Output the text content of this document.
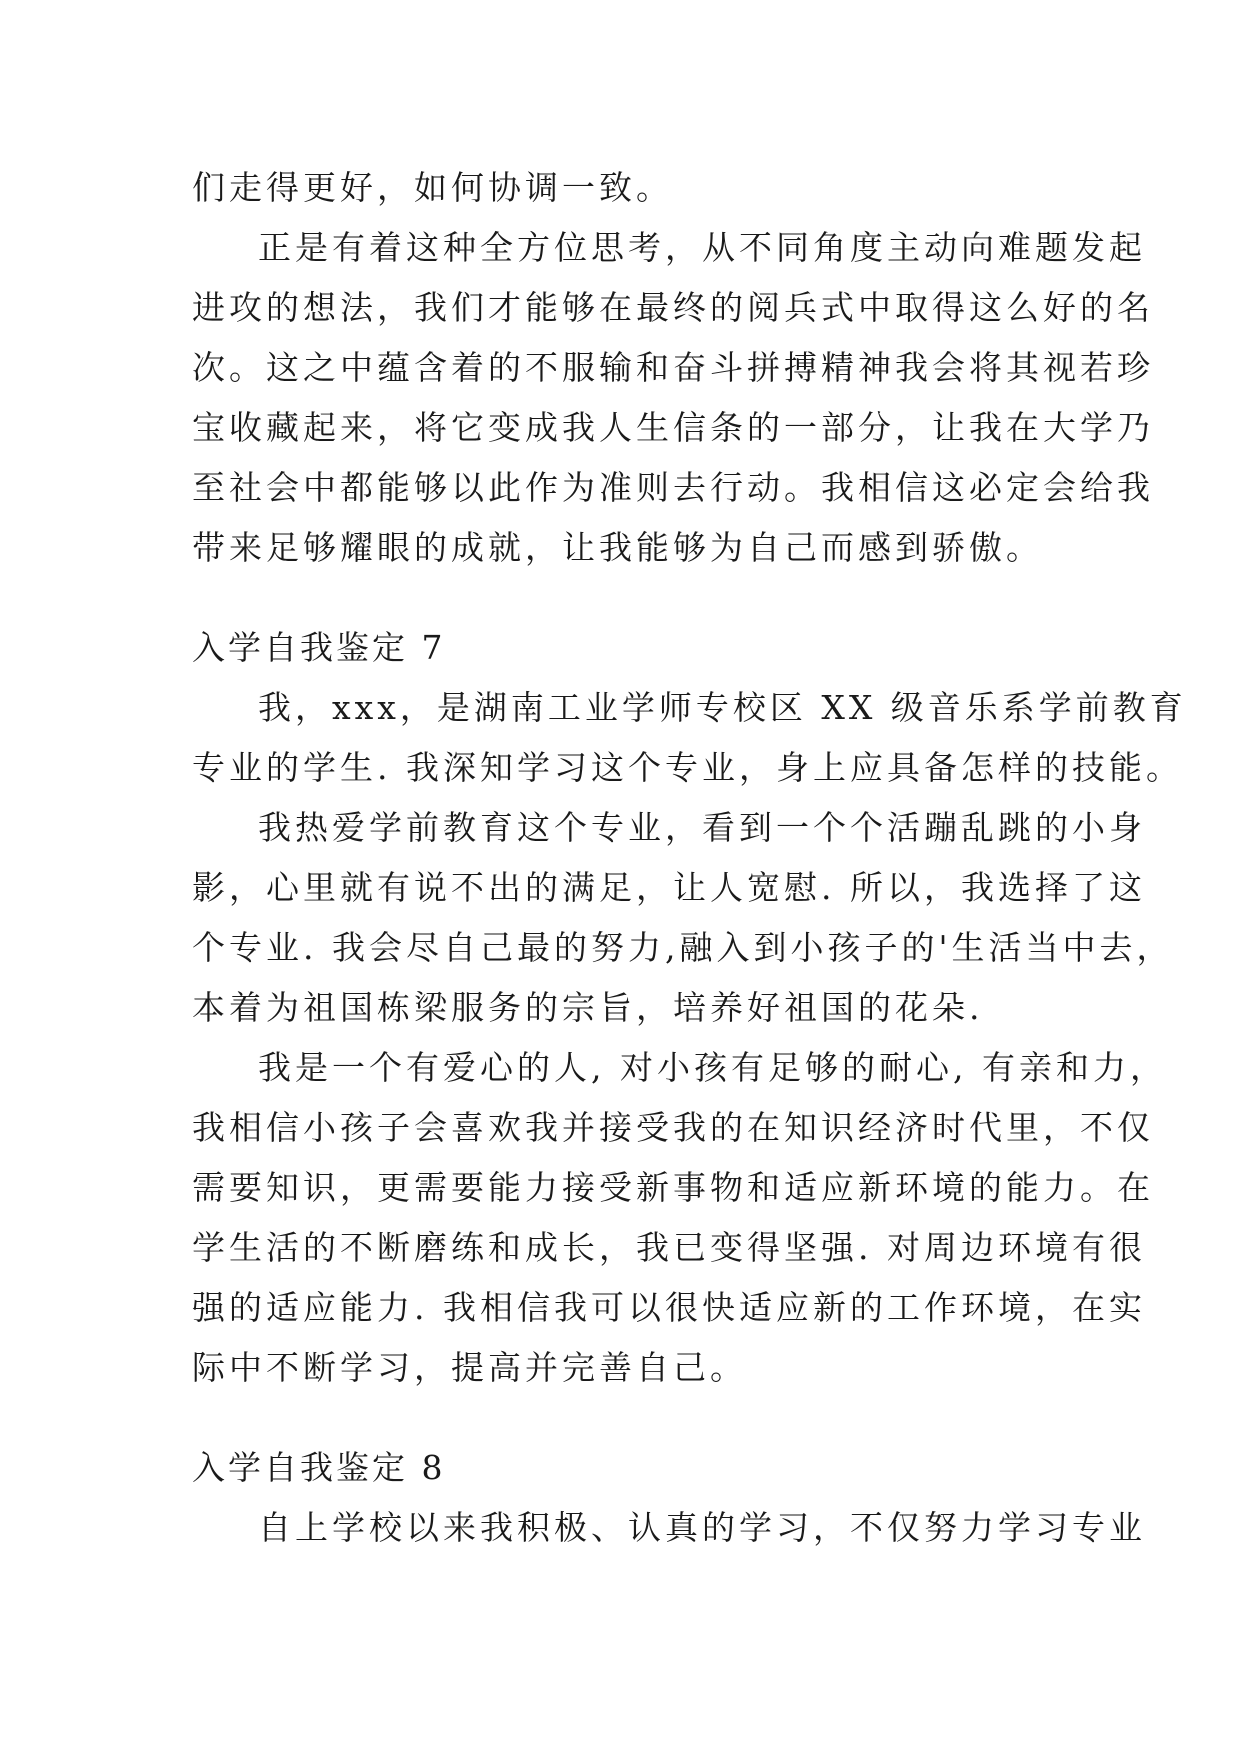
们走得更好，如何协调一致。
正是有着这种全方位思考，从不同角度主动向难题发起
进攻的想法，我们才能够在最终的阅兵式中取得这么好的名
次。这之中蕴含着的不服输和奋斗拼搏精神我会将其视若珍
宝收藏起来，将它变成我人生信条的一部分，让我在大学乃
至社会中都能够以此作为准则去行动。我相信这必定会给我
带来足够耀眼的成就，让我能够为自己而感到骄傲。
入学自我鉴定 7
我，xxx，是湖南工业学师专校区 XX 级音乐系学前教育
专业的学生. 我深知学习这个专业，身上应具备怎样的技能。
我热爱学前教育这个专业，看到一个个活蹦乱跳的小身
影，心里就有说不出的满足，让人宽慰. 所以，我选择了这
个专业. 我会尽自己最的努力,融入到小孩子的'生活当中去，
本着为祖国栋梁服务的宗旨，培养好祖国的花朵.
我是一个有爱心的人, 对小孩有足够的耐心, 有亲和力，
我相信小孩子会喜欢我并接受我的在知识经济时代里，不仅
需要知识，更需要能力接受新事物和适应新环境的能力。在
学生活的不断磨练和成长，我已变得坚强. 对周边环境有很
强的适应能力. 我相信我可以很快适应新的工作环境，在实
际中不断学习，提高并完善自己。
入学自我鉴定 8
自上学校以来我积极、认真的学习，不仅努力学习专业
